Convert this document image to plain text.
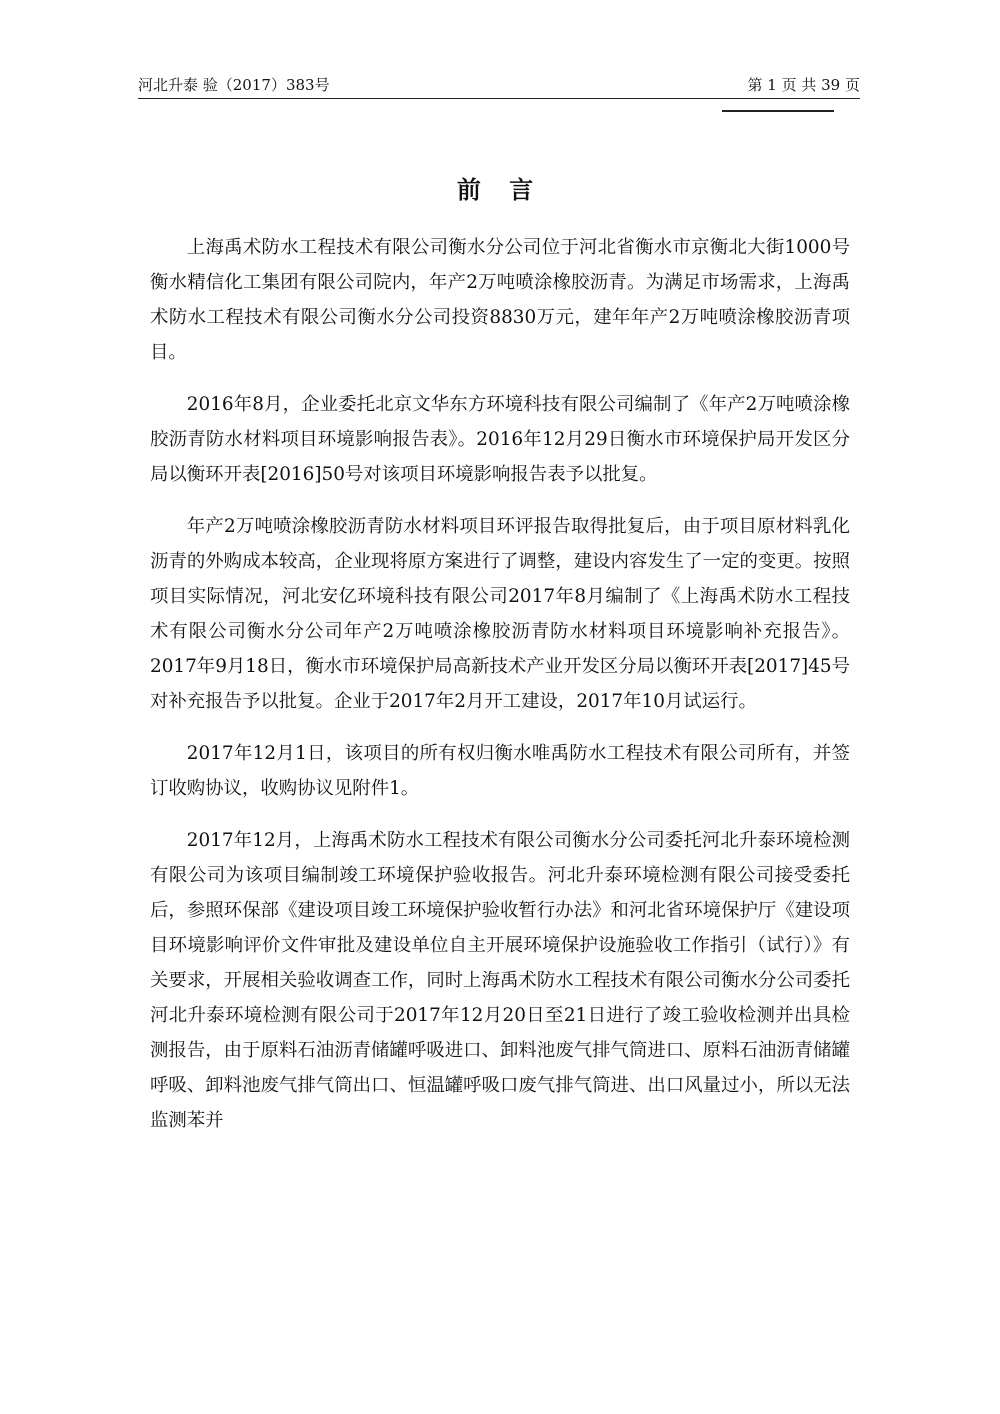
河北升泰 验（2017）383号	第 1 页 共 39 页
前 言

上海禹术防水工程技术有限公司衡水分公司位于河北省衡水市京衡北大街1000号衡水精信化工集团有限公司院内，年产2万吨喷涂橡胶沥青。为满足市场需求，上海禹术防水工程技术有限公司衡水分公司投资8830万元，建年年产2万吨喷涂橡胶沥青项目。

2016年8月，企业委托北京文华东方环境科技有限公司编制了《年产2万吨喷涂橡胶沥青防水材料项目环境影响报告表》。2016年12月29日衡水市环境保护局开发区分局以衡环开表[2016]50号对该项目环境影响报告表予以批复。

年产2万吨喷涂橡胶沥青防水材料项目环评报告取得批复后，由于项目原材料乳化沥青的外购成本较高，企业现将原方案进行了调整，建设内容发生了一定的变更。按照项目实际情况，河北安亿环境科技有限公司2017年8月编制了《上海禹术防水工程技术有限公司衡水分公司年产2万吨喷涂橡胶沥青防水材料项目环境影响补充报告》。2017年9月18日，衡水市环境保护局高新技术产业开发区分局以衡环开表[2017]45号对补充报告予以批复。企业于2017年2月开工建设，2017年10月试运行。

2017年12月1日，该项目的所有权归衡水唯禹防水工程技术有限公司所有，并签订收购协议，收购协议见附件1。

2017年12月，上海禹术防水工程技术有限公司衡水分公司委托河北升泰环境检测有限公司为该项目编制竣工环境保护验收报告。河北升泰环境检测有限公司接受委托后，参照环保部《建设项目竣工环境保护验收暂行办法》和河北省环境保护厅《建设项目环境影响评价文件审批及建设单位自主开展环境保护设施验收工作指引（试行）》有关要求，开展相关验收调查工作，同时上海禹术防水工程技术有限公司衡水分公司委托河北升泰环境检测有限公司于2017年12月20日至21日进行了竣工验收检测并出具检测报告，由于原料石油沥青储罐呼吸进口、卸料池废气排气筒进口、原料石油沥青储罐呼吸、卸料池废气排气筒出口、恒温罐呼吸口废气排气筒进、出口风量过小，所以无法监测苯并
